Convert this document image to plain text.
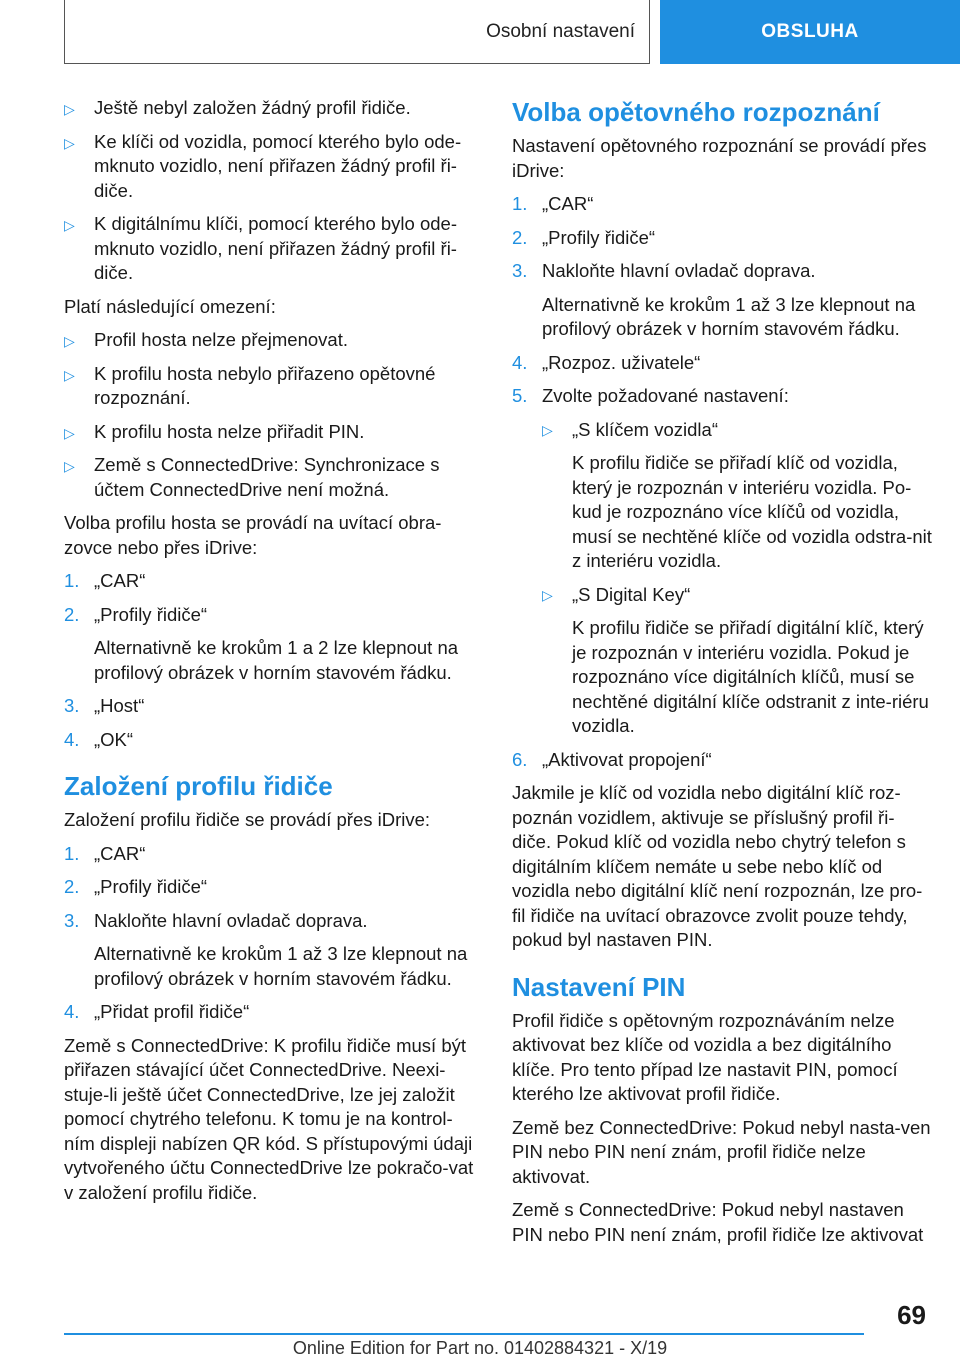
Osobní nastavení	OBSLUHA
▷ Ještě nebyl založen žádný profil řidiče.
▷ Ke klíči od vozidla, pomocí kterého bylo ode-mknuto vozidlo, není přiřazen žádný profil ři-diče.
▷ K digitálnímu klíči, pomocí kterého bylo ode-mknuto vozidlo, není přiřazen žádný profil ři-diče.

Platí následující omezení:

▷ Profil hosta nelze přejmenovat.
▷ K profilu hosta nebylo přiřazeno opětovné rozpoznání.
▷ K profilu hosta nelze přiřadit PIN.
▷ Země s ConnectedDrive: Synchronizace s účtem ConnectedDrive není možná.

Volba profilu hosta se provádí na uvítací obra-zovce nebo přes iDrive:

1. „CAR“
2. „Profily řidiče“
Alternativně ke krokům 1 a 2 lze klepnout na profilový obrázek v horním stavovém řádku.
3. „Host“
4. „OK“
Založení profilu řidiče

Založení profilu řidiče se provádí přes iDrive:

1. „CAR“
2. „Profily řidiče“
3. Nakloňte hlavní ovladač doprava.
Alternativně ke krokům 1 až 3 lze klepnout na profilový obrázek v horním stavovém řádku.
4. „Přidat profil řidiče“

Země s ConnectedDrive: K profilu řidiče musí být přiřazen stávající účet ConnectedDrive. Neexi-stuje-li ještě účet ConnectedDrive, lze jej založit pomocí chytrého telefonu. K tomu je na kontrol-ním displeji nabízen QR kód. S přístupovými údaji vytvořeného účtu ConnectedDrive lze pokračo-vat v založení profilu řidiče.

Volba opětovného rozpoznání

Nastavení opětovného rozpoznání se provádí přes iDrive:

1. „CAR“
2. „Profily řidiče“
3. Nakloňte hlavní ovladač doprava.
Alternativně ke krokům 1 až 3 lze klepnout na profilový obrázek v horním stavovém řádku.
4. „Rozpoz. uživatele“
5. Zvolte požadované nastavení:
▷ „S klíčem vozidla“
K profilu řidiče se přiřadí klíč od vozidla, který je rozpoznán v interiéru vozidla. Po-kud je rozpoznáno více klíčů od vozidla, musí se nechtěné klíče od vozidla odstra-nit z interiéru vozidla.
▷ „S Digital Key“
K profilu řidiče se přiřadí digitální klíč, který je rozpoznán v interiéru vozidla. Pokud je rozpoznáno více digitálních klíčů, musí se nechtěné digitální klíče odstranit z inte-riéru vozidla.
6. „Aktivovat propojení“

Jakmile je klíč od vozidla nebo digitální klíč roz-poznán vozidlem, aktivuje se příslušný profil ři-diče. Pokud klíč od vozidla nebo chytrý telefon s digitálním klíčem nemáte u sebe nebo klíč od vozidla nebo digitální klíč není rozpoznán, lze pro-fil řidiče na uvítací obrazovce zvolit pouze tehdy, pokud byl nastaven PIN.

Nastavení PIN

Profil řidiče s opětovným rozpoznáváním nelze aktivovat bez klíče od vozidla a bez digitálního klíče. Pro tento případ lze nastavit PIN, pomocí kterého lze aktivovat profil řidiče.

Země bez ConnectedDrive: Pokud nebyl nasta-ven PIN nebo PIN není znám, profil řidiče nelze aktivovat.

Země s ConnectedDrive: Pokud nebyl nastaven PIN nebo PIN není znám, profil řidiče lze aktivovat

69
Online Edition for Part no. 01402884321 - X/19
